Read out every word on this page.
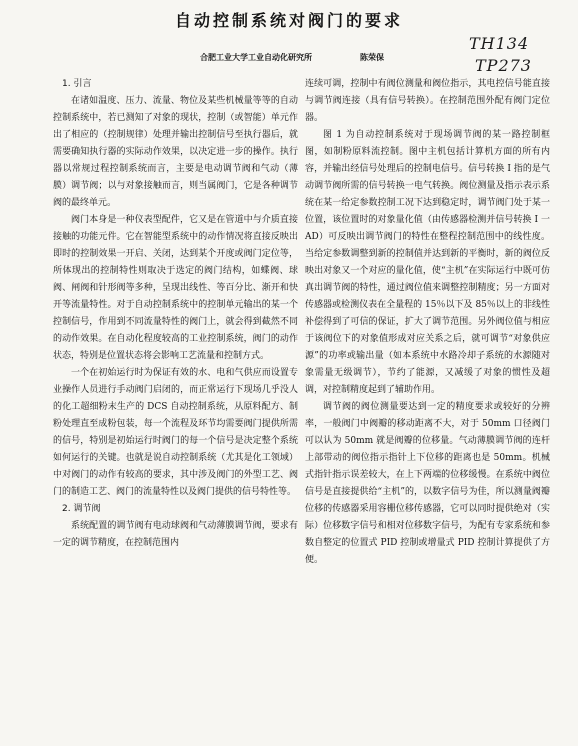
自动控制系统对阀门的要求
合肥工业大学工业自动化研究所	陈荣保
TH134
TP273
1. 引言

在诸如温度、压力、流量、物位及某些机械量等等的自动控制系统中，若已测知了对象的现状，控制（或智能）单元作出了相应的（控制规律）处理并输出控制信号至执行器后，就需要确知执行器的实际动作效果，以决定进一步的操作。执行器以常规过程控制系统而言，主要是电动调节阀和气动（薄膜）调节阀；以与对象接触而言，则当属阀门，它是各种调节阀的最终单元。

阀门本身是一种仪表型配件，它又是在管道中与介质直接接触的功能元件。它在智能型系统中的动作情况将直接反映出即时的控制效果一开启、关闭，达到某个开度或阀门定位等，所体现出的控制特性则取决于选定的阀门结构，如蝶阀、球阀、闸阀和针形阀等多种，呈现出线性、等百分比、渐开和快开等流量特性。对于自动控制系统中的控制单元输出的某一个控制信号，作用到不同流量特性的阀门上，就会得到截然不同的动作效果。在自动化程度较高的工业控制系统，阀门的动作状态，特别是位置状态将会影响工艺流量和控制方式。

一个在初始运行时为保证有效的水、电和气供应而设置专业操作人员进行手动阀门启闭的，而正常运行下现场几乎没人的化工超细粉末生产的 DCS 自动控制系统，从原料配方、制粉处理直至成粉包装，每一个流程及环节均需要阀门提供所需的信号，特别是初始运行时阀门的每一个信号是决定整个系统如何运行的关键。也就是说自动控制系统（尤其是化工领域）中对阀门的动作有较高的要求，其中涉及阀门的外型工艺、阀门的制造工艺、阀门的流量特性以及阀门提供的信号特性等。

2. 调节阀

系统配置的调节阀有电动球阀和气动薄膜调节阀，要求有一定的调节精度，在控制范围内

连续可调，控制中有阀位测量和阀位指示，其电控信号能直接与调节阀连接（具有信号转换）。在控制范围外配有阀门定位器。

图 1 为自动控制系统对于现场调节阀的某一路控制框图，如制粉原料流控制。图中主机包括计算机方面的所有内容，并输出经信号处理后的控制电信号。信号转换 I 指的是气动调节阀所需的信号转换一电气转换。阀位测量及指示表示系统在某一给定参数控制工况下达到稳定时，调节阀门处于某一位置，该位置时的对象量化值（由传感器检测并信号转换 I 一AD）可反映出调节阀门的特性在整程控制范围中的线性度。当给定参数调整到新的控制值并达到新的平衡时，新的阀位反映出对象又一个对应的量化值，使“主机”在实际运行中既可仿真出调节阀的特性，通过阀位值来调整控制精度；另一方面对传感器或检测仪表在全量程的 15％以下及 85％以上的非线性补偿得到了可信的保证，扩大了调节范围。另外阀位值与相应于该阀位下的对象值形成对应关系之后，就可调节“对象供应源”的功率或输出量（如本系统中水路冷却子系统的水源随对象需量无级调节），节约了能源，又减缓了对象的惯性及超调，对控制精度起到了辅助作用。

调节阀的阀位测量要达到一定的精度要求或较好的分辨率，一般阀门中阀瓣的移动距离不大，对于 50mm 口径阀门可以认为 50mm 就是阀瓣的位移量。气动薄膜调节阀的连杆上部带动的阀位指示指针上下位移的距离也是 50mm。机械式指针指示误差较大，在上下两端的位移缓慢。在系统中阀位信号是直接提供给“主机”的，以数字信号为佳，所以测量阀瓣位移的传感器采用容栅位移传感器，它可以同时提供绝对（实际）位移数字信号和相对位移数字信号，为配有专家系统和参数自整定的位置式 PID 控制或增量式 PID 控制计算提供了方便。
